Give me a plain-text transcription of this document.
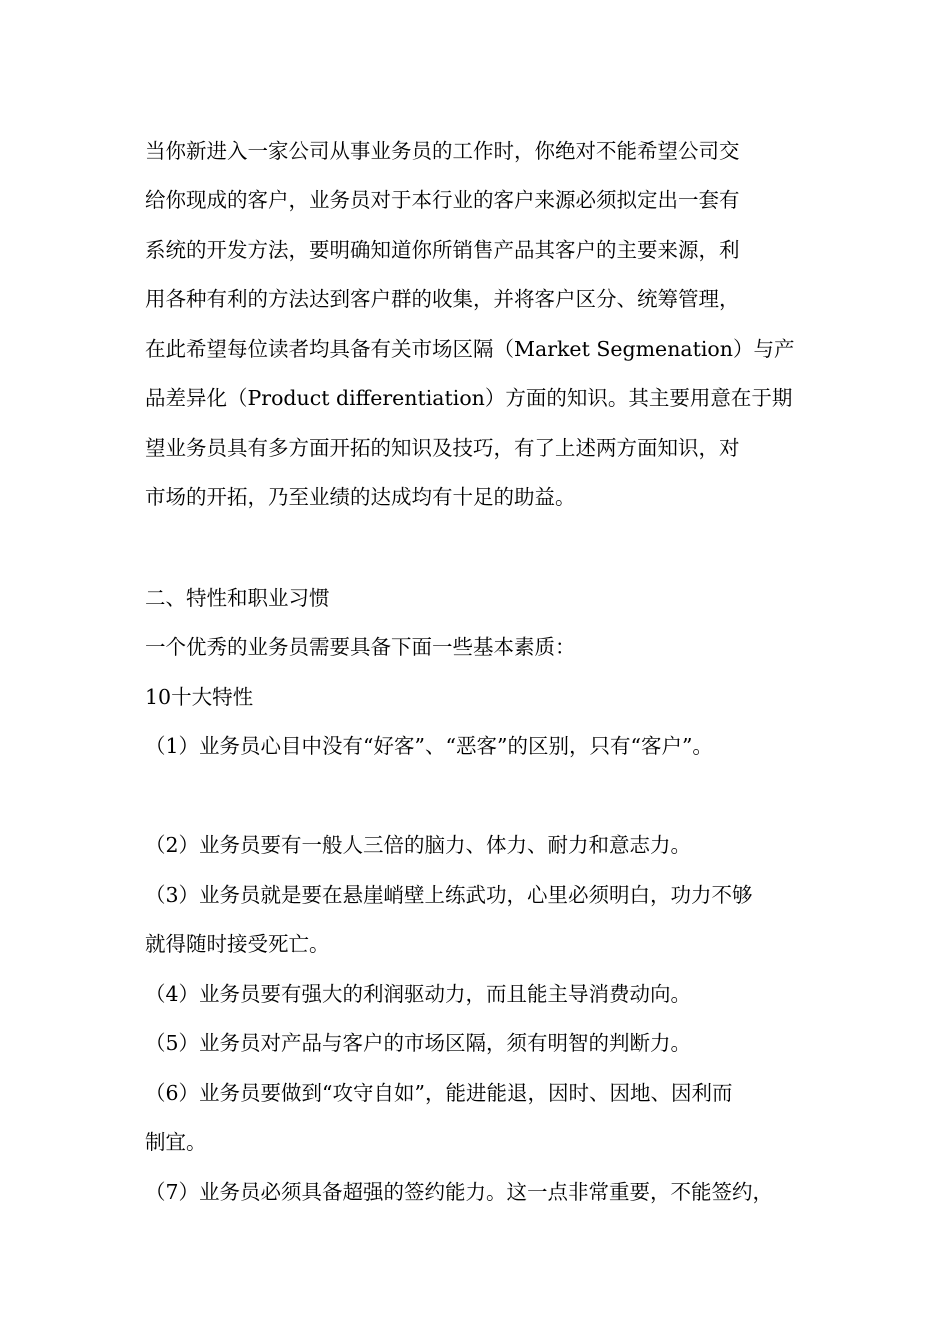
当你新进入一家公司从事业务员的工作时，你绝对不能希望公司交
给你现成的客户，业务员对于本行业的客户来源必须拟定出一套有
系统的开发方法，要明确知道你所销售产品其客户的主要来源，利
用各种有利的方法达到客户群的收集，并将客户区分、统筹管理，
在此希望每位读者均具备有关市场区隔（Market Segmenation）与产
品差异化（Product differentiation）方面的知识。其主要用意在于期
望业务员具有多方面开拓的知识及技巧，有了上述两方面知识，对
市场的开拓，乃至业绩的达成均有十足的助益。
二、特性和职业习惯
一个优秀的业务员需要具备下面一些基本素质：
10十大特性
（1）业务员心目中没有“好客”、“恶客”的区别，只有“客户”。
（2）业务员要有一般人三倍的脑力、体力、耐力和意志力。
（3）业务员就是要在悬崖峭壁上练武功，心里必须明白，功力不够
就得随时接受死亡。
（4）业务员要有强大的利润驱动力，而且能主导消费动向。
（5）业务员对产品与客户的市场区隔，须有明智的判断力。
（6）业务员要做到“攻守自如”，能进能退，因时、因地、因利而
制宜。
（7）业务员必须具备超强的签约能力。这一点非常重要，不能签约，
